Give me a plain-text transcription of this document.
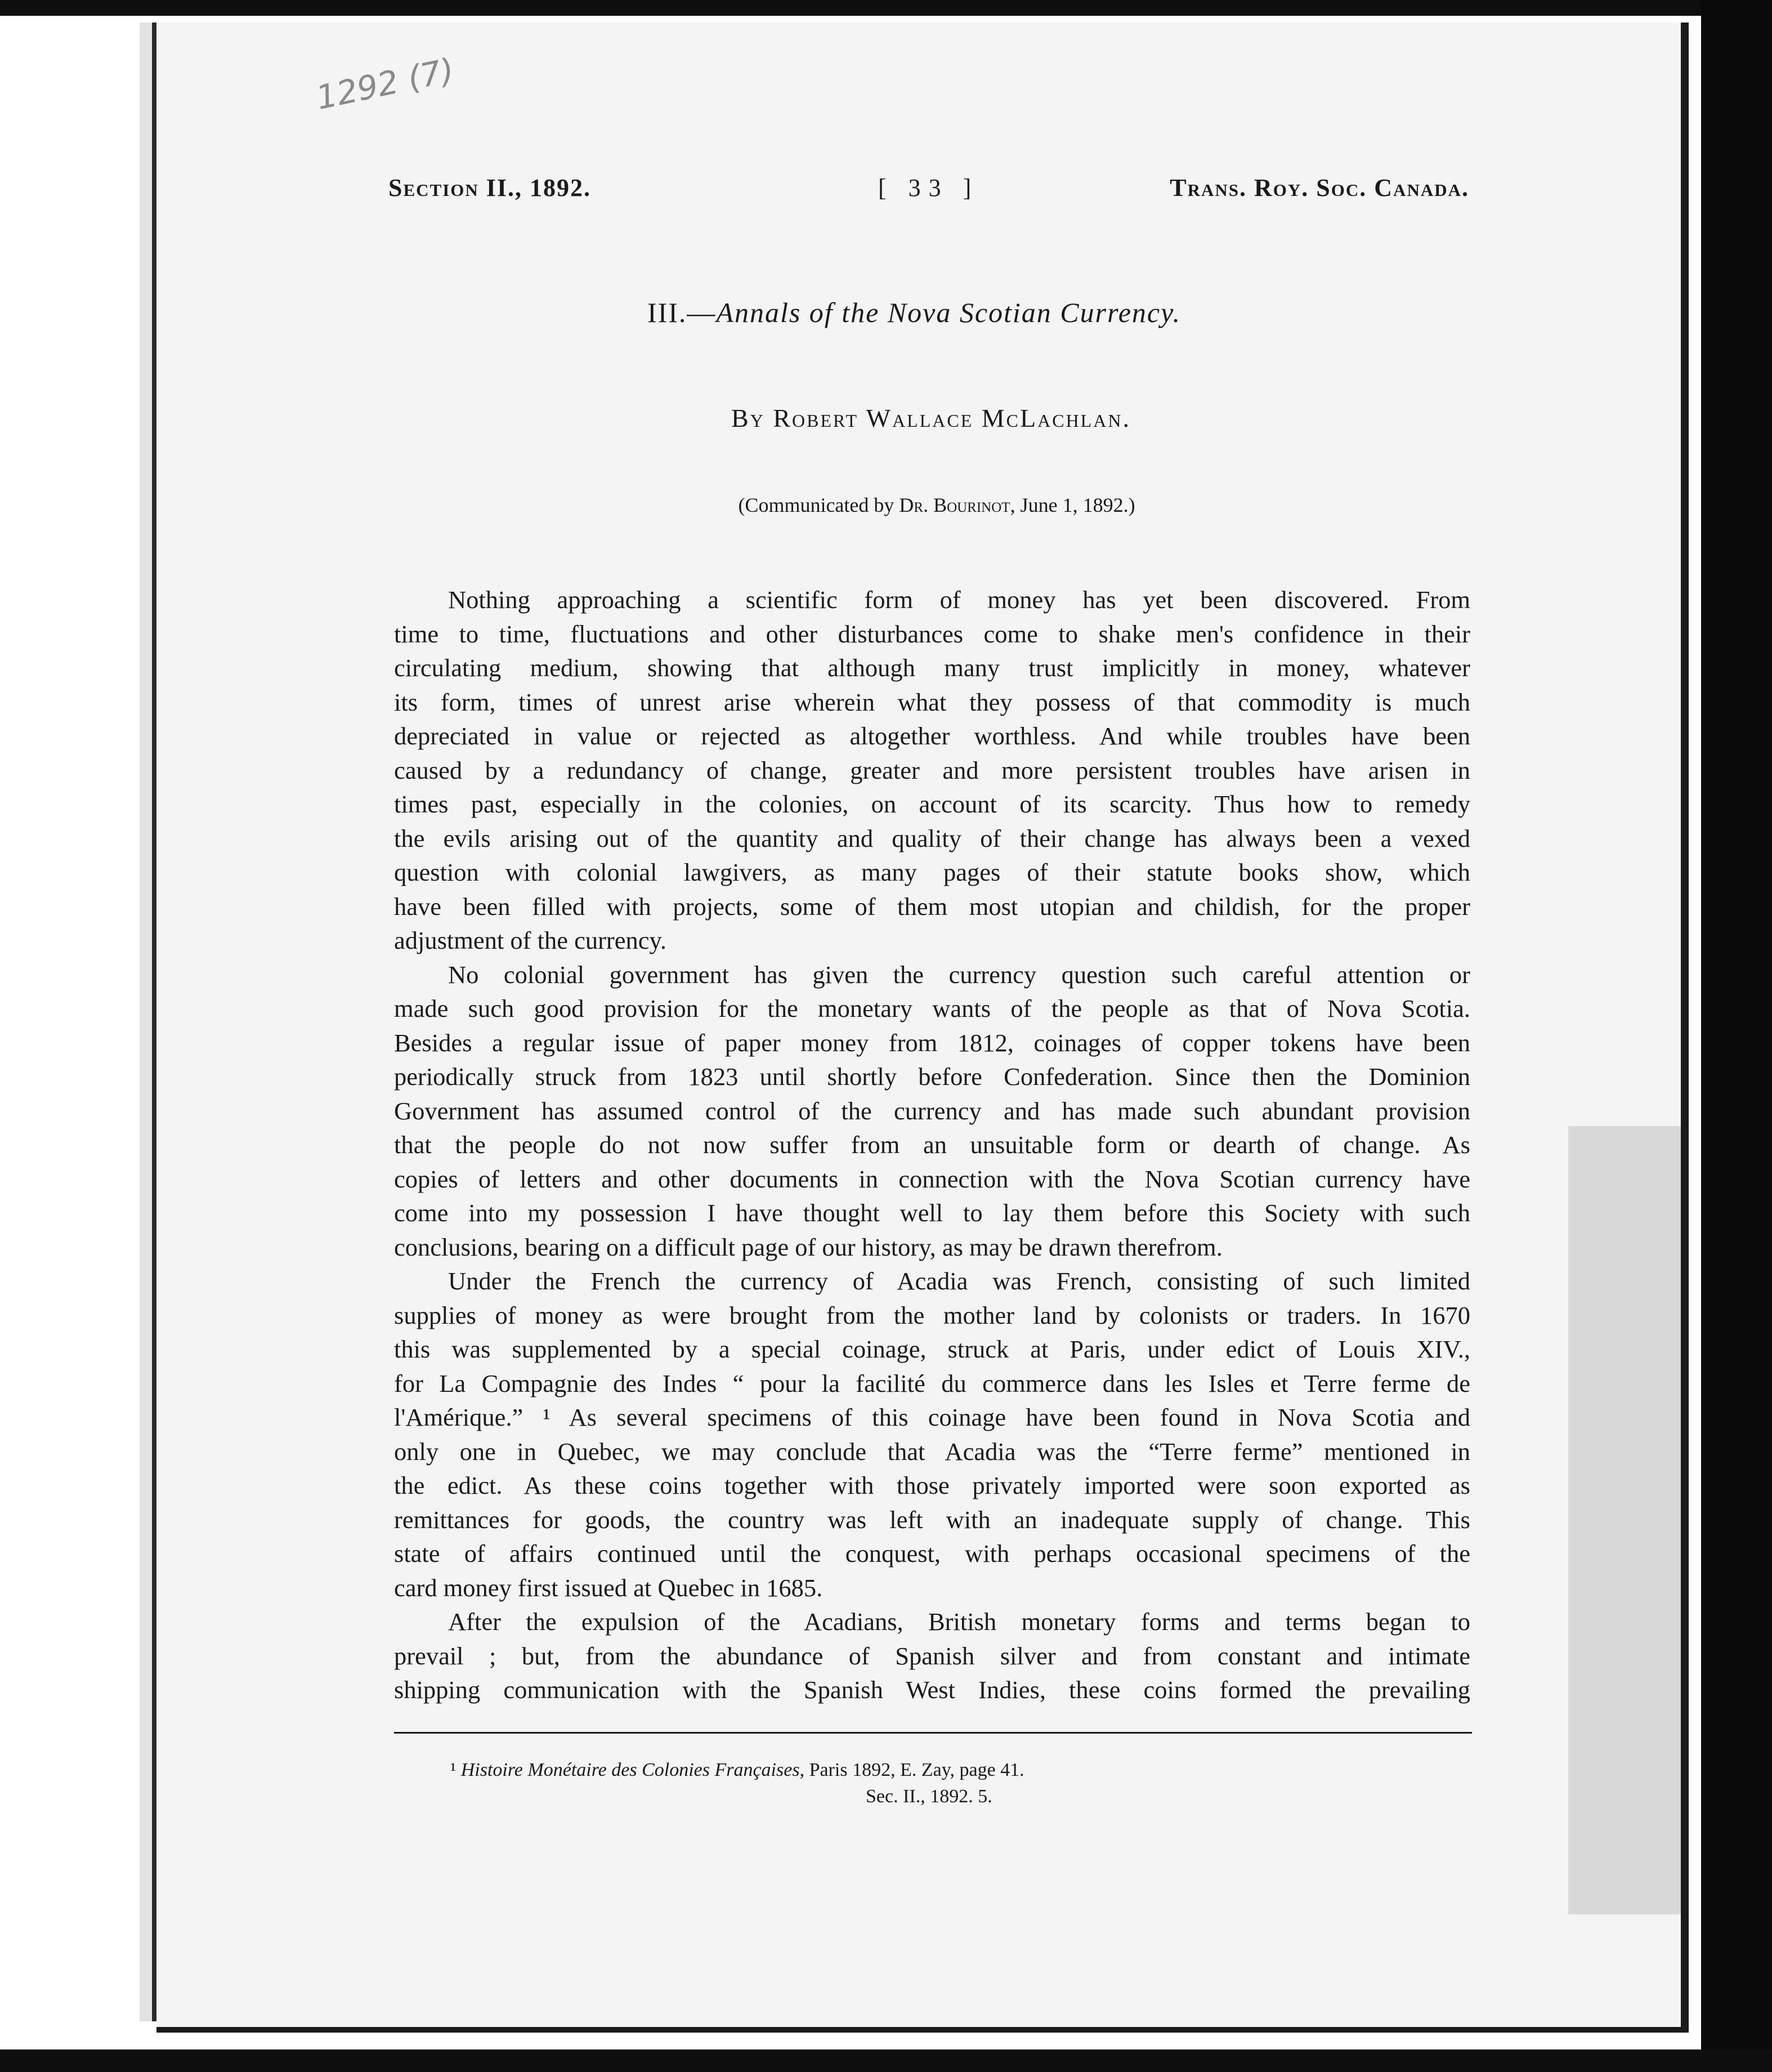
1292 (7)
Section II., 1892.	[ 33 ]	Trans. Roy. Soc. Canada.
III.—Annals of the Nova Scotian Currency.
By Robert Wallace McLachlan.
(Communicated by Dr. Bourinot, June 1, 1892.)
Nothing approaching a scientific form of money has yet been discovered. From
time to time, fluctuations and other disturbances come to shake men's confidence in their
circulating medium, showing that although many trust implicitly in money, whatever
its form, times of unrest arise wherein what they possess of that commodity is much
depreciated in value or rejected as altogether worthless. And while troubles have been
caused by a redundancy of change, greater and more persistent troubles have arisen in
times past, especially in the colonies, on account of its scarcity. Thus how to remedy
the evils arising out of the quantity and quality of their change has always been a vexed
question with colonial lawgivers, as many pages of their statute books show, which
have been filled with projects, some of them most utopian and childish, for the proper
adjustment of the currency.
No colonial government has given the currency question such careful attention or
made such good provision for the monetary wants of the people as that of Nova Scotia.
Besides a regular issue of paper money from 1812, coinages of copper tokens have been
periodically struck from 1823 until shortly before Confederation. Since then the Dominion
Government has assumed control of the currency and has made such abundant provision
that the people do not now suffer from an unsuitable form or dearth of change. As
copies of letters and other documents in connection with the Nova Scotian currency have
come into my possession I have thought well to lay them before this Society with such
conclusions, bearing on a difficult page of our history, as may be drawn therefrom.
Under the French the currency of Acadia was French, consisting of such limited
supplies of money as were brought from the mother land by colonists or traders. In 1670
this was supplemented by a special coinage, struck at Paris, under edict of Louis XIV.,
for La Compagnie des Indes “ pour la facilité du commerce dans les Isles et Terre ferme de
l'Amérique.” ¹ As several specimens of this coinage have been found in Nova Scotia and
only one in Quebec, we may conclude that Acadia was the “Terre ferme” mentioned in
the edict. As these coins together with those privately imported were soon exported as
remittances for goods, the country was left with an inadequate supply of change. This
state of affairs continued until the conquest, with perhaps occasional specimens of the
card money first issued at Quebec in 1685.
After the expulsion of the Acadians, British monetary forms and terms began to
prevail ; but, from the abundance of Spanish silver and from constant and intimate
shipping communication with the Spanish West Indies, these coins formed the prevailing
¹ Histoire Monétaire des Colonies Françaises, Paris 1892, E. Zay, page 41.
Sec. II., 1892. 5.
